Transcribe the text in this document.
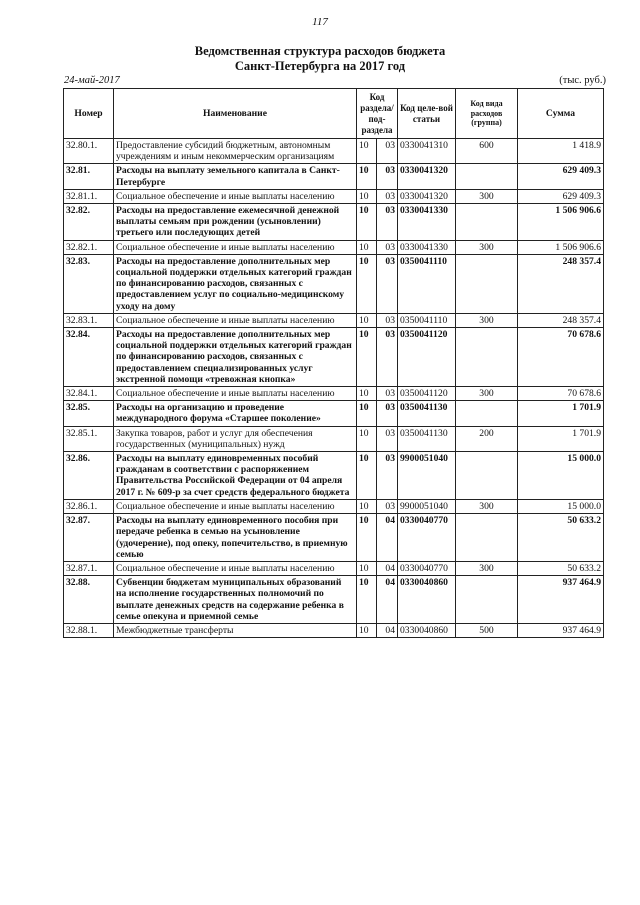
117
Ведомственная структура расходов бюджета
Санкт-Петербурга на 2017 год
24-май-2017	(тыс. руб.)
Номер	Наименование	Код раздела/ под-раздела		Код целе-вой статьи	Код вида расходов (группа)	Сумма
32.80.1.	Предоставление субсидий бюджетным, автономным учреждениям и иным некоммерческим организациям	10	03	0330041310	600	1 418.9
32.81.	Расходы на выплату земельного капитала в Санкт-Петербурге	10	03	0330041320		629 409.3
32.81.1.	Социальное обеспечение и иные выплаты населению	10	03	0330041320	300	629 409.3
32.82.	Расходы на предоставление ежемесячной денежной выплаты семьям при рождении (усыновлении) третьего или последующих детей	10	03	0330041330		1 506 906.6
32.82.1.	Социальное обеспечение и иные выплаты населению	10	03	0330041330	300	1 506 906.6
32.83.	Расходы на предоставление дополнительных мер социальной поддержки отдельных категорий граждан по финансированию расходов, связанных с предоставлением услуг по социально-медицинскому уходу на дому	10	03	0350041110		248 357.4
32.83.1.	Социальное обеспечение и иные выплаты населению	10	03	0350041110	300	248 357.4
32.84.	Расходы на предоставление дополнительных мер социальной поддержки отдельных категорий граждан по финансированию расходов, связанных с предоставлением специализированных услуг экстренной помощи «тревожная кнопка»	10	03	0350041120		70 678.6
32.84.1.	Социальное обеспечение и иные выплаты населению	10	03	0350041120	300	70 678.6
32.85.	Расходы на организацию и проведение международного форума «Старшее поколение»	10	03	0350041130		1 701.9
32.85.1.	Закупка товаров, работ и услуг для обеспечения государственных (муниципальных) нужд	10	03	0350041130	200	1 701.9
32.86.	Расходы на выплату единовременных пособий гражданам в соответствии с распоряжением Правительства Российской Федерации от 04 апреля 2017 г. № 609-р за счет средств федерального бюджета	10	03	9900051040		15 000.0
32.86.1.	Социальное обеспечение и иные выплаты населению	10	03	9900051040	300	15 000.0
32.87.	Расходы на выплату единовременного пособия при передаче ребенка в семью на усыновление (удочерение), под опеку, попечительство, в приемную семью	10	04	0330040770		50 633.2
32.87.1.	Социальное обеспечение и иные выплаты населению	10	04	0330040770	300	50 633.2
32.88.	Субвенции бюджетам муниципальных образований на исполнение государственных полномочий по выплате денежных средств на содержание ребенка в семье опекуна и приемной семье	10	04	0330040860		937 464.9
32.88.1.	Межбюджетные трансферты	10	04	0330040860	500	937 464.9
